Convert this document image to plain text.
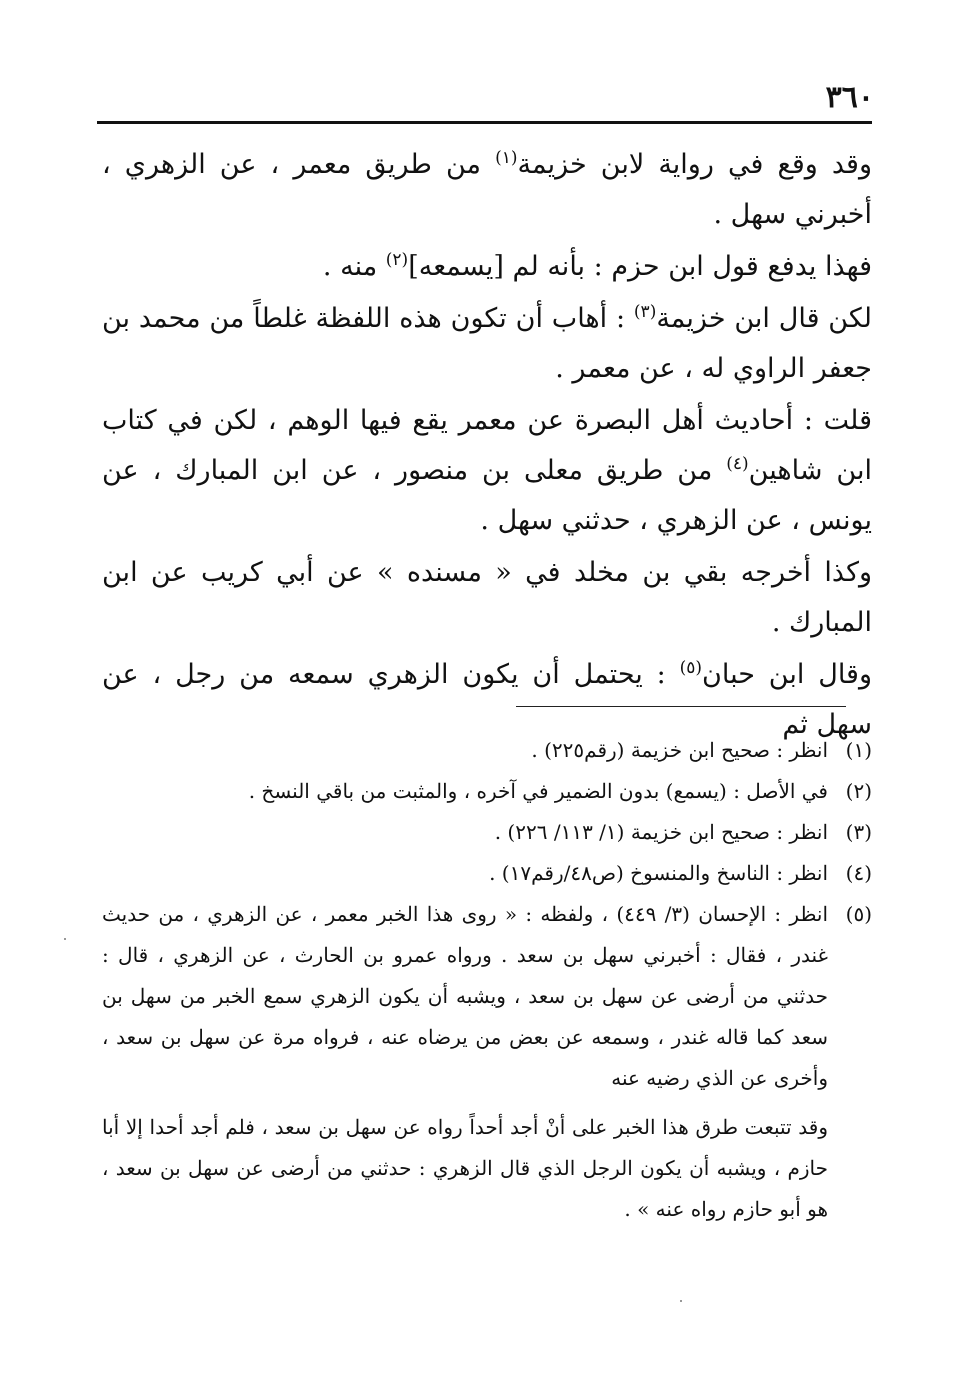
٣٦٠

وقد وقع في رواية لابن خزيمة$^{(١)}$ من طريق معمر ، عن الزهري ، أخبرني سهل .

فهذا يدفع قول ابن حزم : بأنه لم [يسمعه]$^{(٢)}$ منه .

لكن قال ابن خزيمة$^{(٣)}$ : أهاب أن تكون هذه اللفظة غلطاً من محمد بن جعفر الراوي له ، عن معمر .

قلت : أحاديث أهل البصرة عن معمر يقع فيها الوهم ، لكن في كتاب ابن شاهين$^{(٤)}$ من طريق معلى بن منصور ، عن ابن المبارك ، عن يونس ، عن الزهري ، حدثني سهل .

وكذا أخرجه بقي بن مخلد في « مسنده » عن أبي كريب عن ابن المبارك .

وقال ابن حبان$^{(٥)}$ : يحتمل أن يكون الزهري سمعه من رجل ، عن سهل ثم

(١)
انظر : صحيح ابن خزيمة (رقم٢٢٥) .
(٢)
في الأصل : (يسمع) بدون الضمير في آخره ، والمثبت من باقي النسخ .
(٣)
انظر : صحيح ابن خزيمة (١/ ١١٣/ ٢٢٦) .
(٤)
انظر : الناسخ والمنسوخ (ص٤٨/رقم١٧) .
(٥)
انظر : الإحسان (٣/ ٤٤٩) ، ولفظه : « روى هذا الخبر معمر ، عن الزهري ، من حديث غندر ، فقال : أخبرني سهل بن سعد . ورواه عمرو بن الحارث ، عن الزهري ، قال : حدثني من أرضى عن سهل بن سعد ، ويشبه أن يكون الزهري سمع الخبر من سهل بن سعد كما قاله غندر ، وسمعه عن بعض من يرضاه عنه ، فرواه مرة عن سهل بن سعد ، وأخرى عن الذي رضيه عنه
وقد تتبعت طرق هذا الخبر على أنْ أجد أحداً رواه عن سهل بن سعد ، فلم أجد أحدا إلا أبا حازم ، ويشبه أن يكون الرجل الذي قال الزهري : حدثني من أرضى عن سهل بن سعد ، هو أبو حازم رواه عنه » .
